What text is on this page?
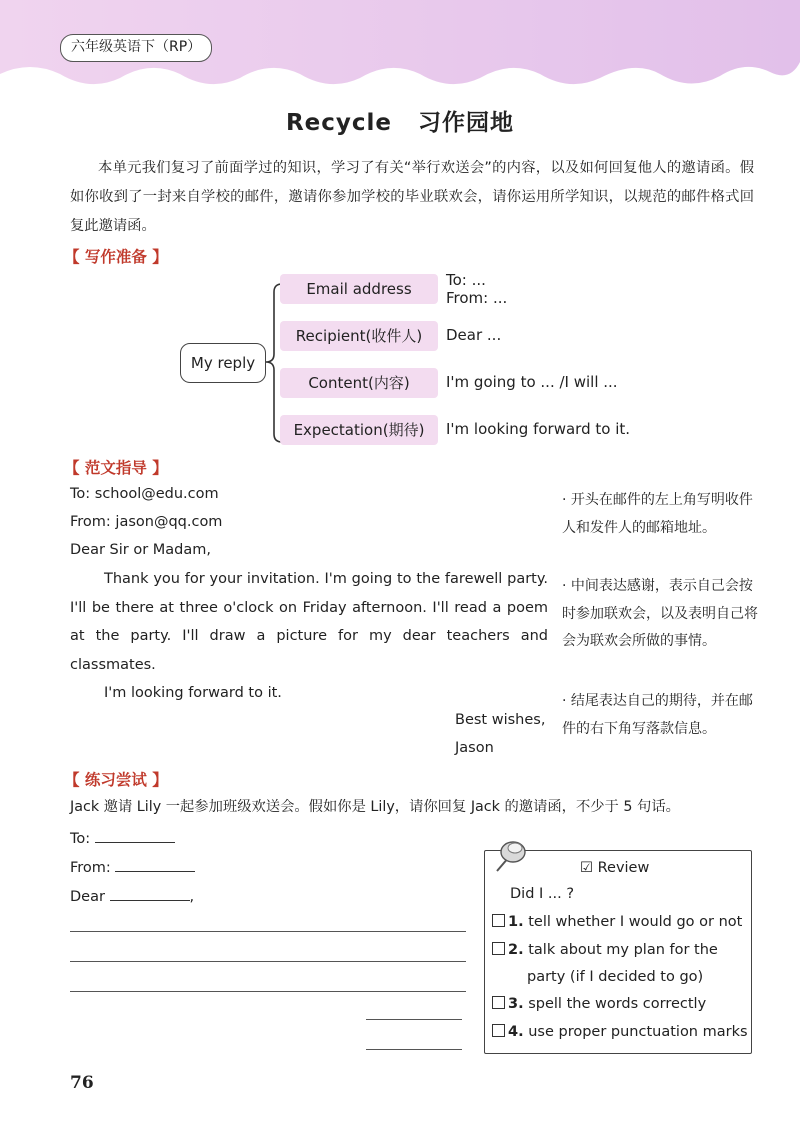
六年级英语下（RP）
Recycle 习作园地
本单元我们复习了前面学过的知识，学习了有关“举行欢送会”的内容，以及如何回复他人的邀请函。假如你收到了一封来自学校的邮件，邀请你参加学校的毕业联欢会，请你运用所学知识，以规范的邮件格式回复此邀请函。
【 写作准备 】
My reply
Email address
Recipient(收件人)
Content(内容)
Expectation(期待)
To: ...
From: ...
Dear ...
I'm going to ... /I will ...
I'm looking forward to it.
【 范文指导 】
To: school@edu.com
From: jason@qq.com
Dear Sir or Madam,

Thank you for your invitation. I'm going to the farewell party. I'll be there at three o'clock on Friday afternoon. I'll read a poem at the party. I'll draw a picture for my dear teachers and classmates.

I'm looking forward to it.

Best wishes,
Jason
· 开头在邮件的左上角写明收件人和发件人的邮箱地址。
· 中间表达感谢，表示自己会按时参加联欢会，以及表明自己将会为联欢会所做的事情。
· 结尾表达自己的期待，并在邮件的右下角写落款信息。
【 练习尝试 】
Jack 邀请 Lily 一起参加班级欢送会。假如你是 Lily，请你回复 Jack 的邀请函，不少于 5 句话。
To:
From:
Dear	,
☑ Review
Did I ... ?
1. tell whether I would go or not
2. talk about my plan for the
party (if I decided to go)
3. spell the words correctly
4. use proper punctuation marks
76
